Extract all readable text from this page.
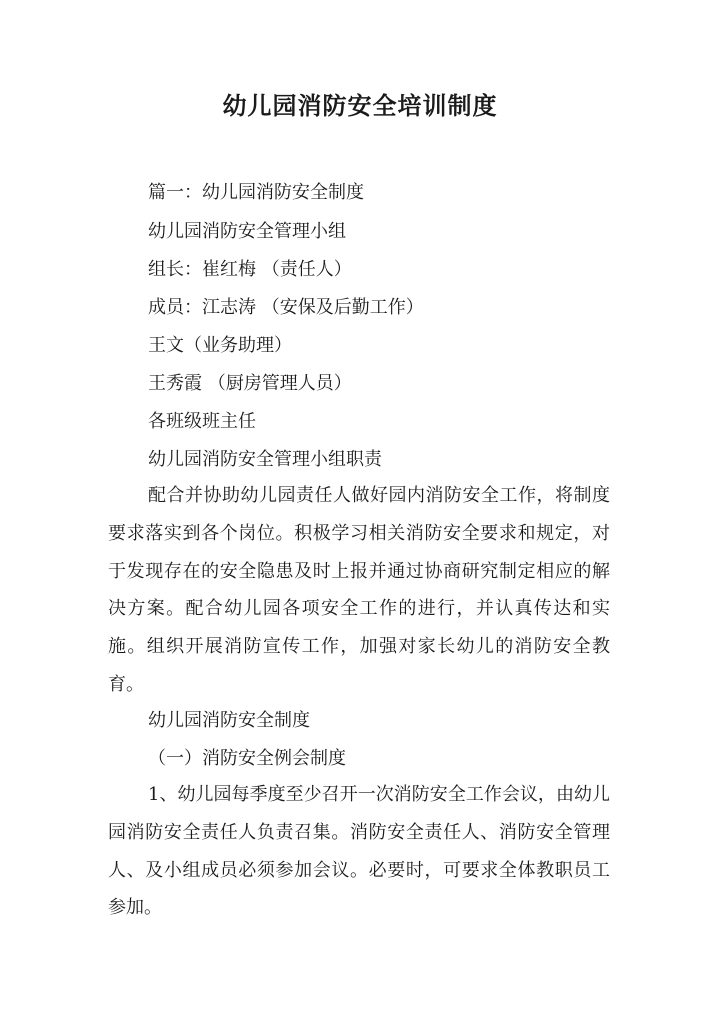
幼儿园消防安全培训制度

篇一：幼儿园消防安全制度

幼儿园消防安全管理小组

组长：崔红梅 （责任人）

成员：江志涛 （安保及后勤工作）

王文（业务助理）

王秀霞 （厨房管理人员）

各班级班主任

幼儿园消防安全管理小组职责

配合并协助幼儿园责任人做好园内消防安全工作，将制度要求落实到各个岗位。积极学习相关消防安全要求和规定，对于发现存在的安全隐患及时上报并通过协商研究制定相应的解决方案。配合幼儿园各项安全工作的进行，并认真传达和实施。组织开展消防宣传工作，加强对家长幼儿的消防安全教育。

幼儿园消防安全制度

（一）消防安全例会制度

1、幼儿园每季度至少召开一次消防安全工作会议，由幼儿园消防安全责任人负责召集。消防安全责任人、消防安全管理人、及小组成员必须参加会议。必要时，可要求全体教职员工参加。
